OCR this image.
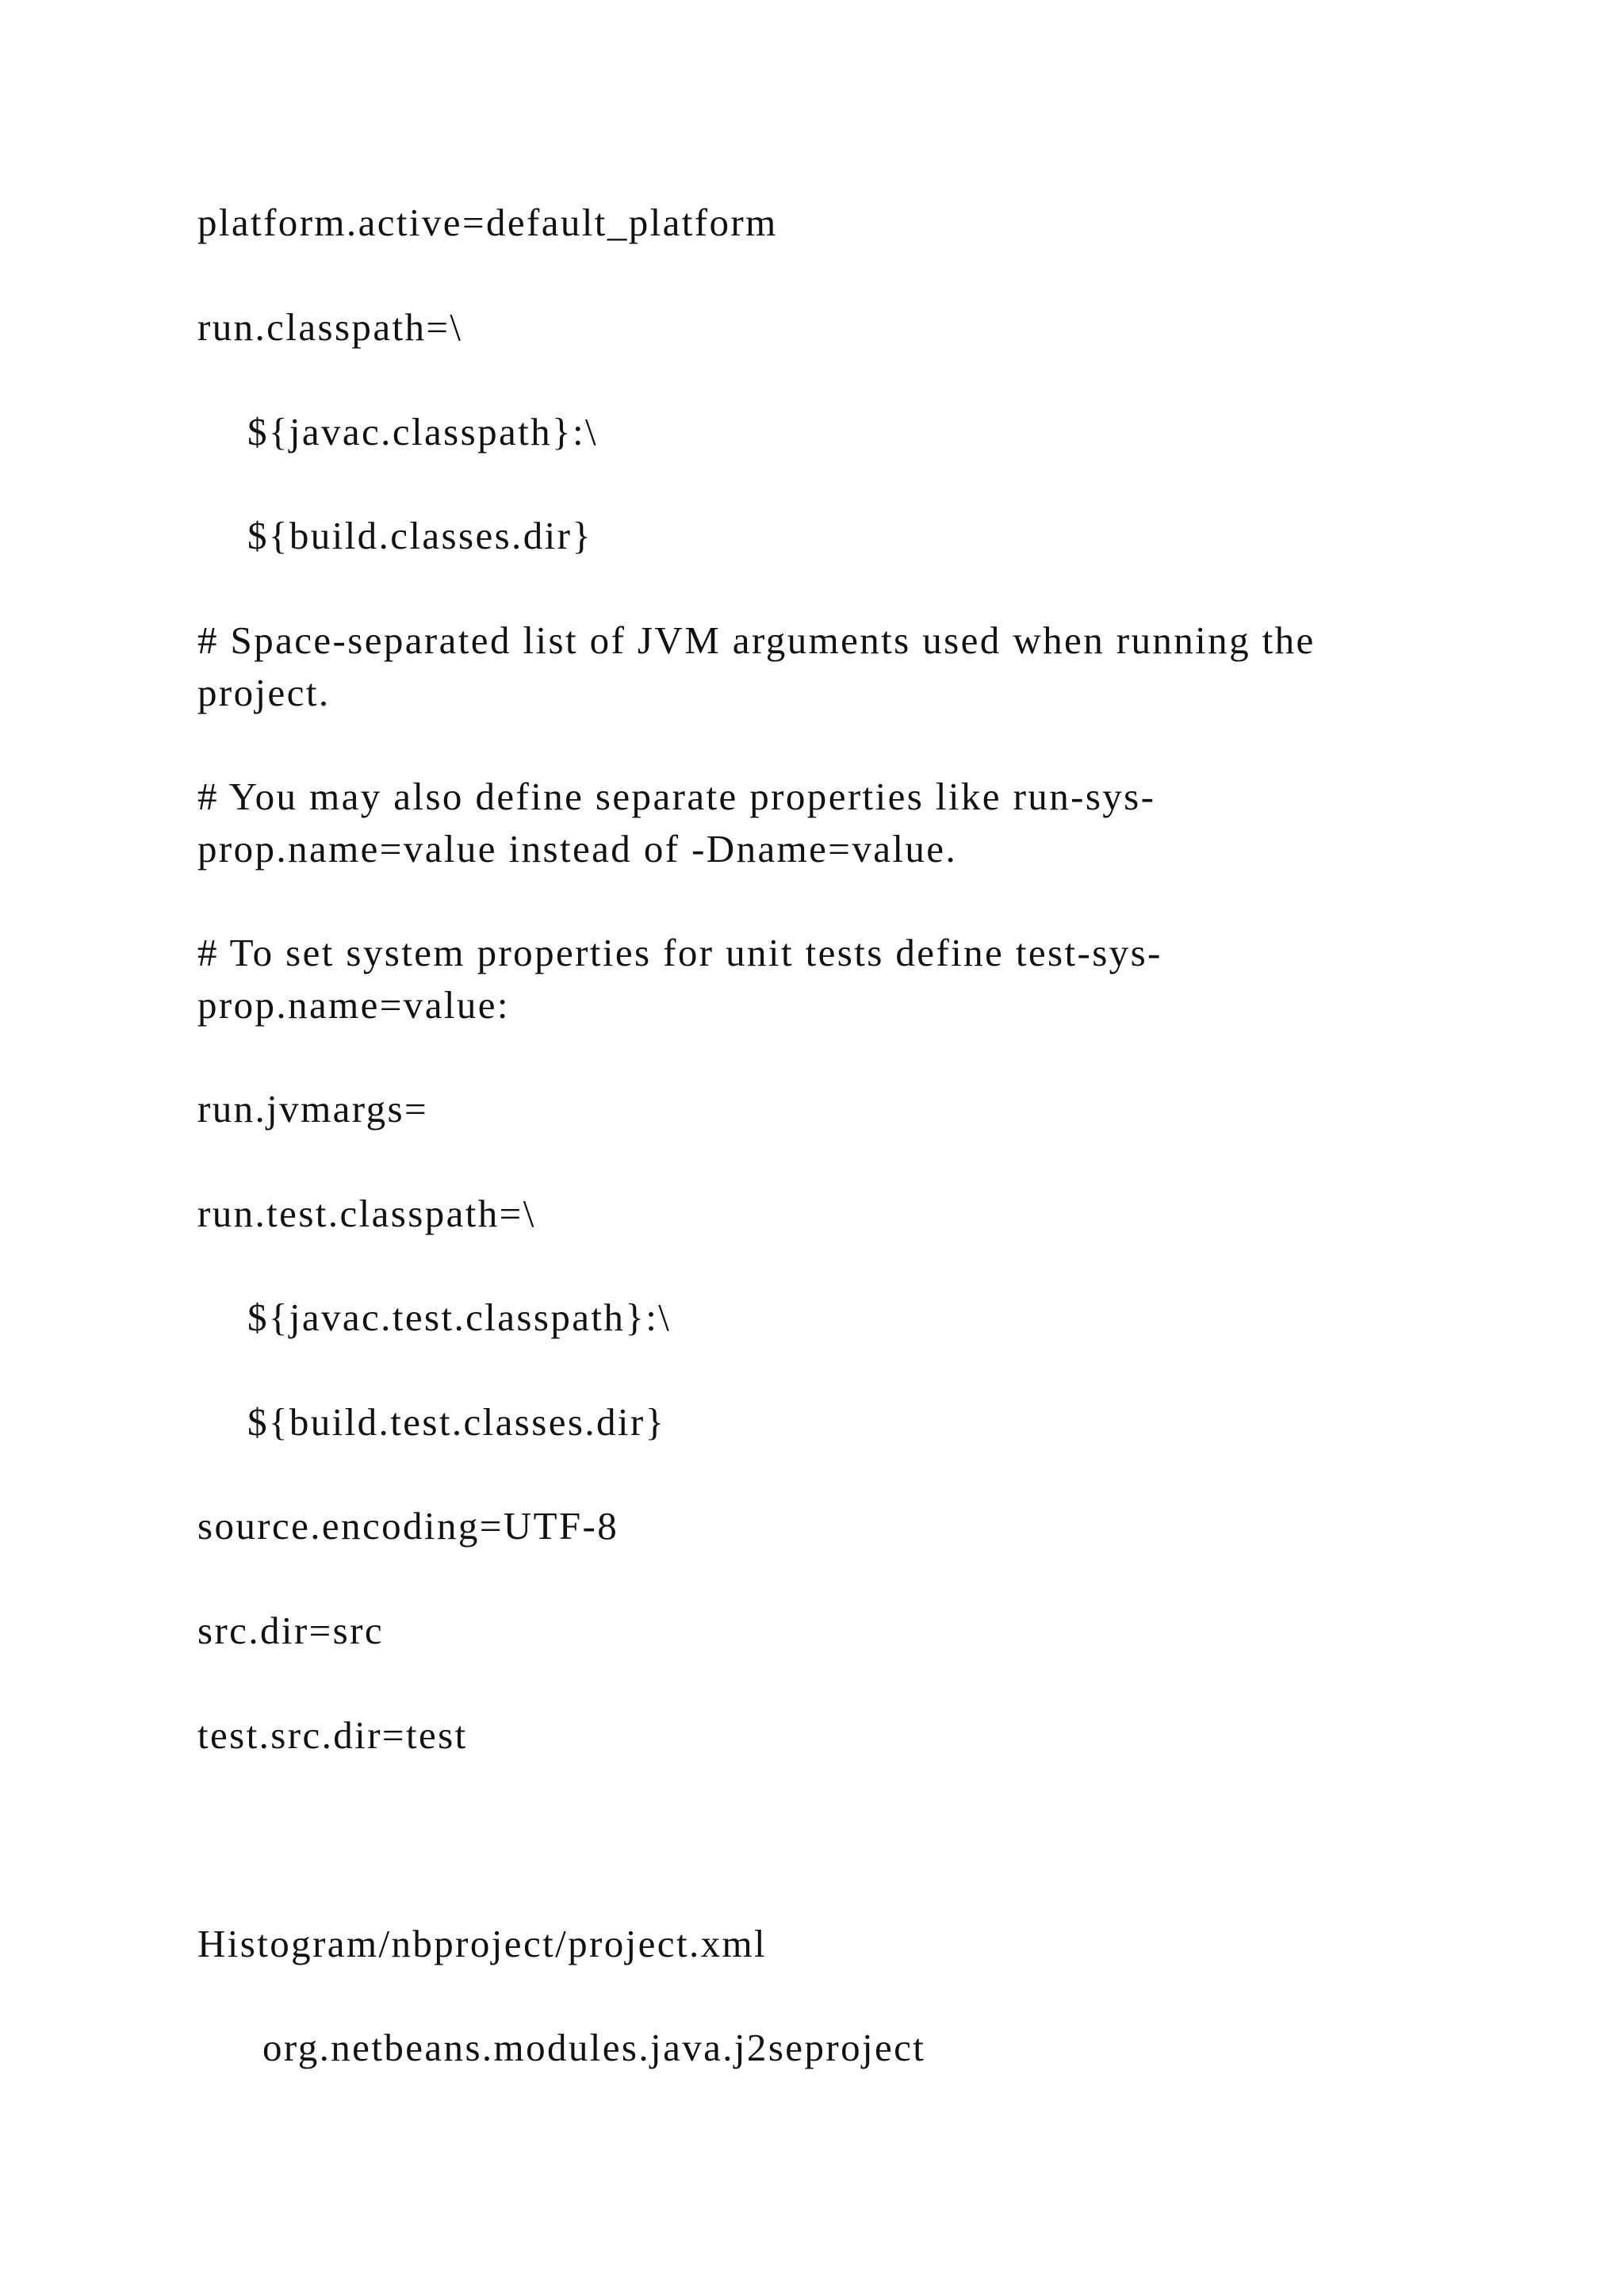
platform.active=default_platform

run.classpath=\

${javac.classpath}:\

${build.classes.dir}

# Space-separated list of JVM arguments used when running the
project.

# You may also define separate properties like run-sys-
prop.name=value instead of -Dname=value.

# To set system properties for unit tests define test-sys-
prop.name=value:

run.jvmargs=

run.test.classpath=\

${javac.test.classpath}:\

${build.test.classes.dir}

source.encoding=UTF-8

src.dir=src

test.src.dir=test

Histogram/nbproject/project.xml

org.netbeans.modules.java.j2seproject
